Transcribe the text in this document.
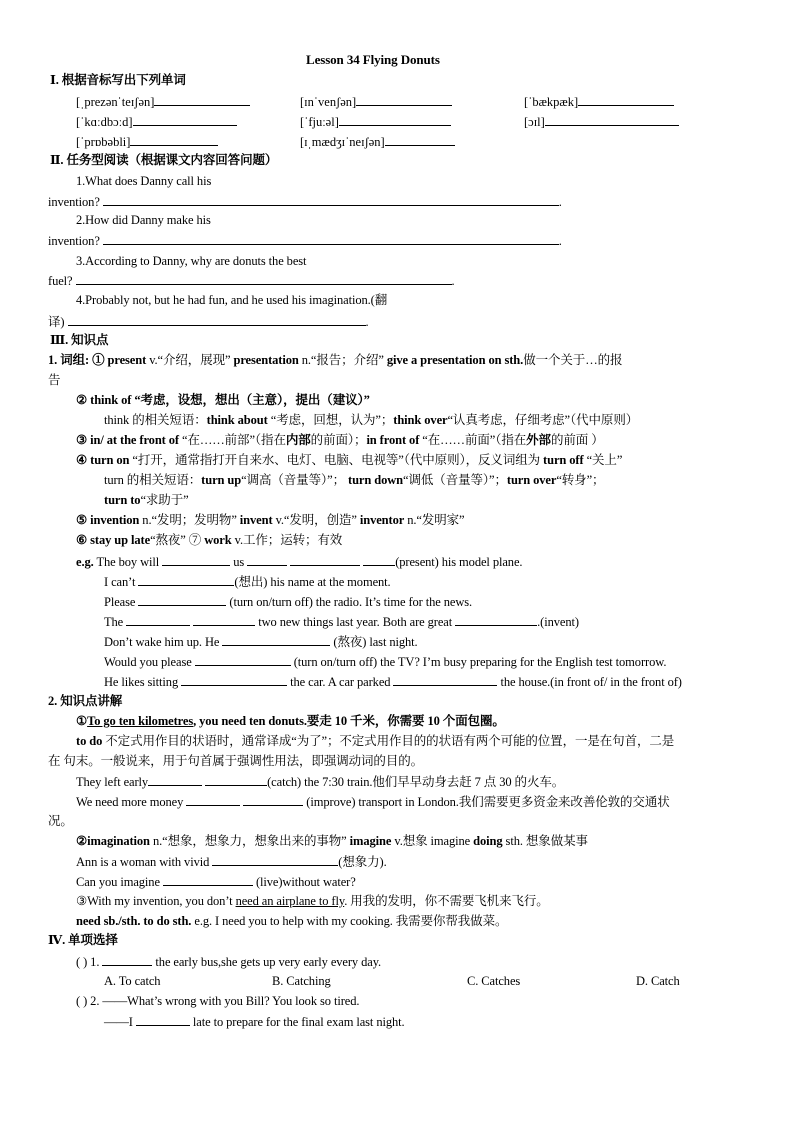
Lesson 34 Flying Donuts
Ⅰ. 根据音标写出下列单词
[ˌprezənˈteɪʃən]	[ɪnˈvenʃən]	[ˈbækpæk]
[ˈkɑːdbɔːd]	[ˈfjuːəl]	[ɔɪl]
[ˈprɒbəbli]	[ɪˌmædʒɪˈneɪʃən]
Ⅱ. 任务型阅读（根据课文内容回答问题）
1.What does Danny call his
invention?	.
2.How did Danny make his
invention?	.
3.According to Danny, why are donuts the best
fuel?	.
4.Probably not, but he had fun, and he used his imagination.(翻
译)	.
Ⅲ. 知识点
1. 词组: ① present v.“介绍，展现” presentation n.“报告；介绍” give a presentation on sth.做一个关于…的报
告
② think of “考虑，设想，想出（主意），提出（建议）”
think 的相关短语：think about “考虑，回想，认为”；think over“认真考虑，仔细考虑”（代中原则）
③ in/ at the front of “在……前部”（指在内部的前面）；in front of “在……前面”（指在外部的前面 ）
④ turn on “打开，通常指打开自来水、电灯、电脑、电视等”（代中原则），反义词组为 turn off “关上”
turn 的相关短语：turn up“调高（音量等）”； turn down“调低（音量等）”；turn over“转身”；
turn to“求助于”
⑤ invention n.“发明；发明物” invent v.“发明，创造” inventor n.“发明家”
⑥ stay up late“熬夜” ⑦ work v.工作；运转；有效
e.g. The boy will	us	(present) his model plane.
I can’t	(想出) his name at the moment.
Please	(turn on/turn off) the radio. It’s time for the news.
The	two new things last year. Both are great	.(invent)
Don’t wake him up. He	(熬夜) last night.
Would you please	(turn on/turn off) the TV? I’m busy preparing for the English test tomorrow.
He likes sitting	the car. A car parked	the house.(in front of/ in the front of)
2. 知识点讲解
①To go ten kilometres, you need ten donuts.要走 10 千米，你需要 10 个面包圈。
to do 不定式用作目的状语时，通常译成“为了”；不定式用作目的的状语有两个可能的位置，一是在句首，二是
在 句末。一般说来，用于句首属于强调性用法，即强调动词的目的。
They left early	(catch) the 7:30 train.他们早早动身去赶 7 点 30 的火车。
We need more money	(improve) transport in London.我们需要更多资金来改善伦敦的交通状
况。
②imagination n.“想象，想象力，想象出来的事物” imagine v.想象 imagine doing sth. 想象做某事
Ann is a woman with vivid	(想象力).
Can you imagine	(live)without water?
③With my invention, you don’t need an airplane to fly. 用我的发明，你不需要飞机来飞行。
need sb./sth. to do sth. e.g. I need you to help with my cooking. 我需要你帮我做菜。
Ⅳ. 单项选择
( ) 1.	the early bus,she gets up very early every day.
A. To catch	B. Catching	C. Catches	D. Catch
( ) 2. ——What’s wrong with you Bill? You look so tired.
——I	late to prepare for the final exam last night.
